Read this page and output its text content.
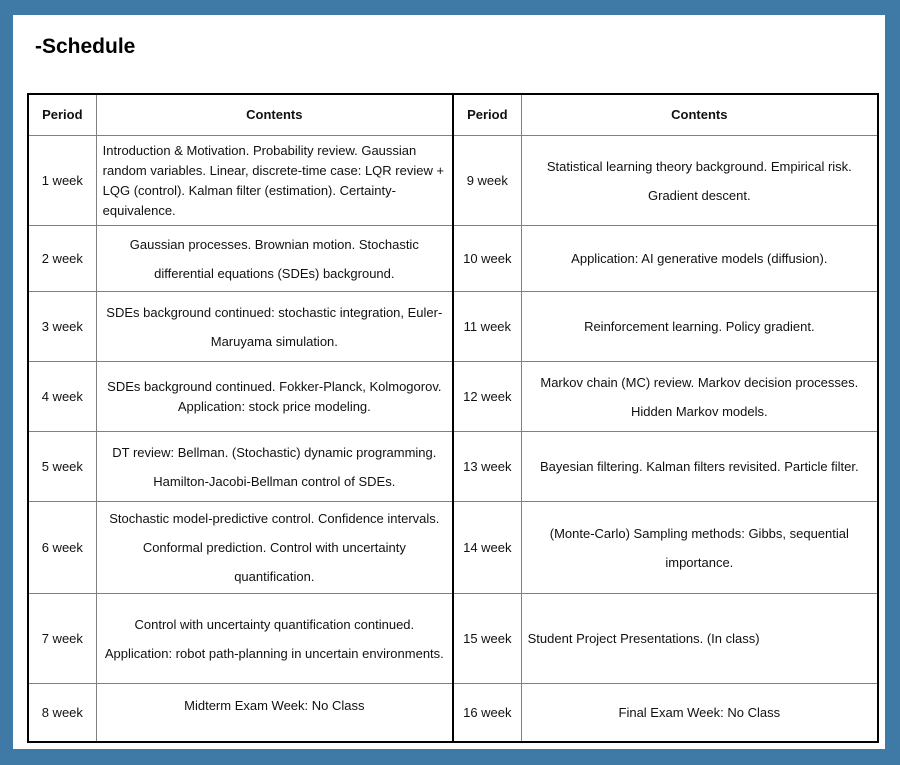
-Schedule
Period	Contents	Period	Contents
1 week	Introduction & Motivation. Probability review. Gaussian random variables. Linear, discrete-time case: LQR review + LQG (control). Kalman filter (estimation). Certainty-equivalence.	9 week	Statistical learning theory background. Empirical risk. Gradient descent.
2 week	Gaussian processes. Brownian motion. Stochastic differential equations (SDEs) background.	10 week	Application: AI generative models (diffusion).
3 week	SDEs background continued: stochastic integration, Euler-Maruyama simulation.	11 week	Reinforcement learning. Policy gradient.
4 week	SDEs background continued. Fokker-Planck, Kolmogorov. Application: stock price modeling.	12 week	Markov chain (MC) review. Markov decision processes. Hidden Markov models.
5 week	DT review: Bellman. (Stochastic) dynamic programming. Hamilton-Jacobi-Bellman control of SDEs.	13 week	Bayesian filtering. Kalman filters revisited. Particle filter.
6 week	Stochastic model-predictive control. Confidence intervals. Conformal prediction. Control with uncertainty quantification.	14 week	(Monte-Carlo) Sampling methods: Gibbs, sequential importance.
7 week	Control with uncertainty quantification continued. Application: robot path-planning in uncertain environments.	15 week	Student Project Presentations. (In class)
8 week	Midterm Exam Week: No Class	16 week	Final Exam Week: No Class
